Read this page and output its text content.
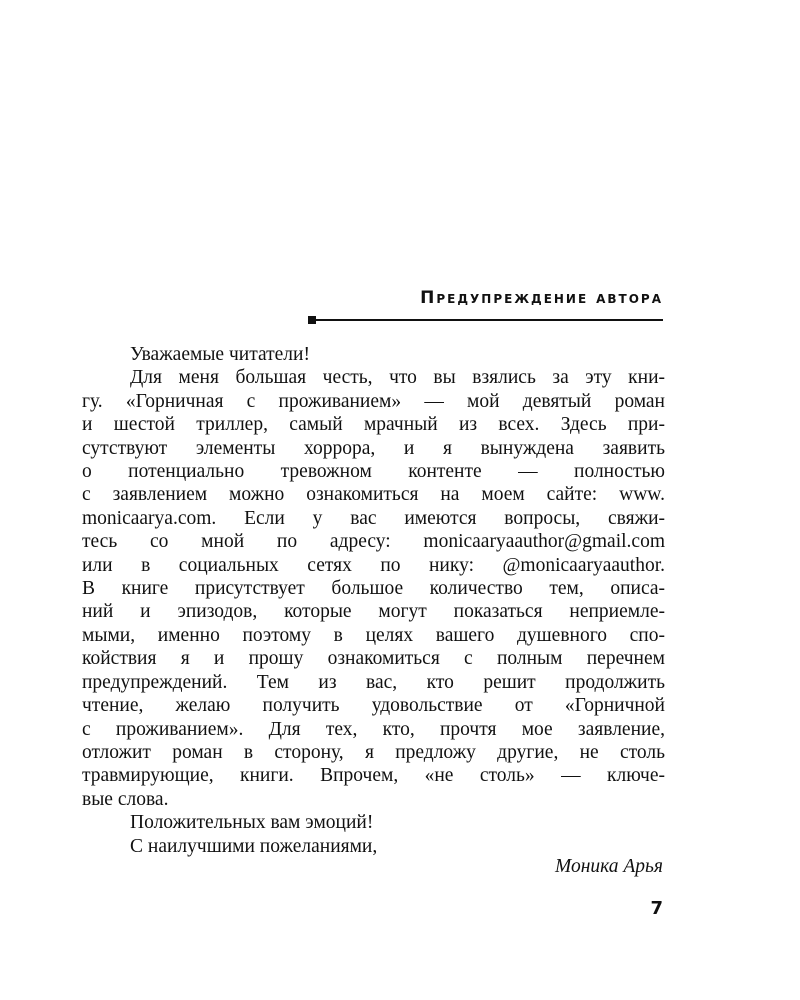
Предупреждение автора
Уважаемые читатели!
Для меня большая честь, что вы взялись за эту кни-
гу. «Горничная с проживанием» — мой девятый роман
и шестой триллер, самый мрачный из всех. Здесь при-
сутствуют элементы хоррора, и я вынуждена заявить
о потенциально тревожном контенте — полностью
с заявлением можно ознакомиться на моем сайте: www.
monicaarya.com. Если у вас имеются вопросы, свяжи-
тесь со мной по адресу: monicaaryaauthor@gmail.com
или в социальных сетях по нику: @monicaaryaauthor.
В книге присутствует большое количество тем, описа-
ний и эпизодов, которые могут показаться неприемле-
мыми, именно поэтому в целях вашего душевного спо-
койствия я и прошу ознакомиться с полным перечнем
предупреждений. Тем из вас, кто решит продолжить
чтение, желаю получить удовольствие от «Горничной
с проживанием». Для тех, кто, прочтя мое заявление,
отложит роман в сторону, я предложу другие, не столь
травмирующие, книги. Впрочем, «не столь» — ключе-
вые слова.
Положительных вам эмоций!
С наилучшими пожеланиями,
Моника Арья
7
